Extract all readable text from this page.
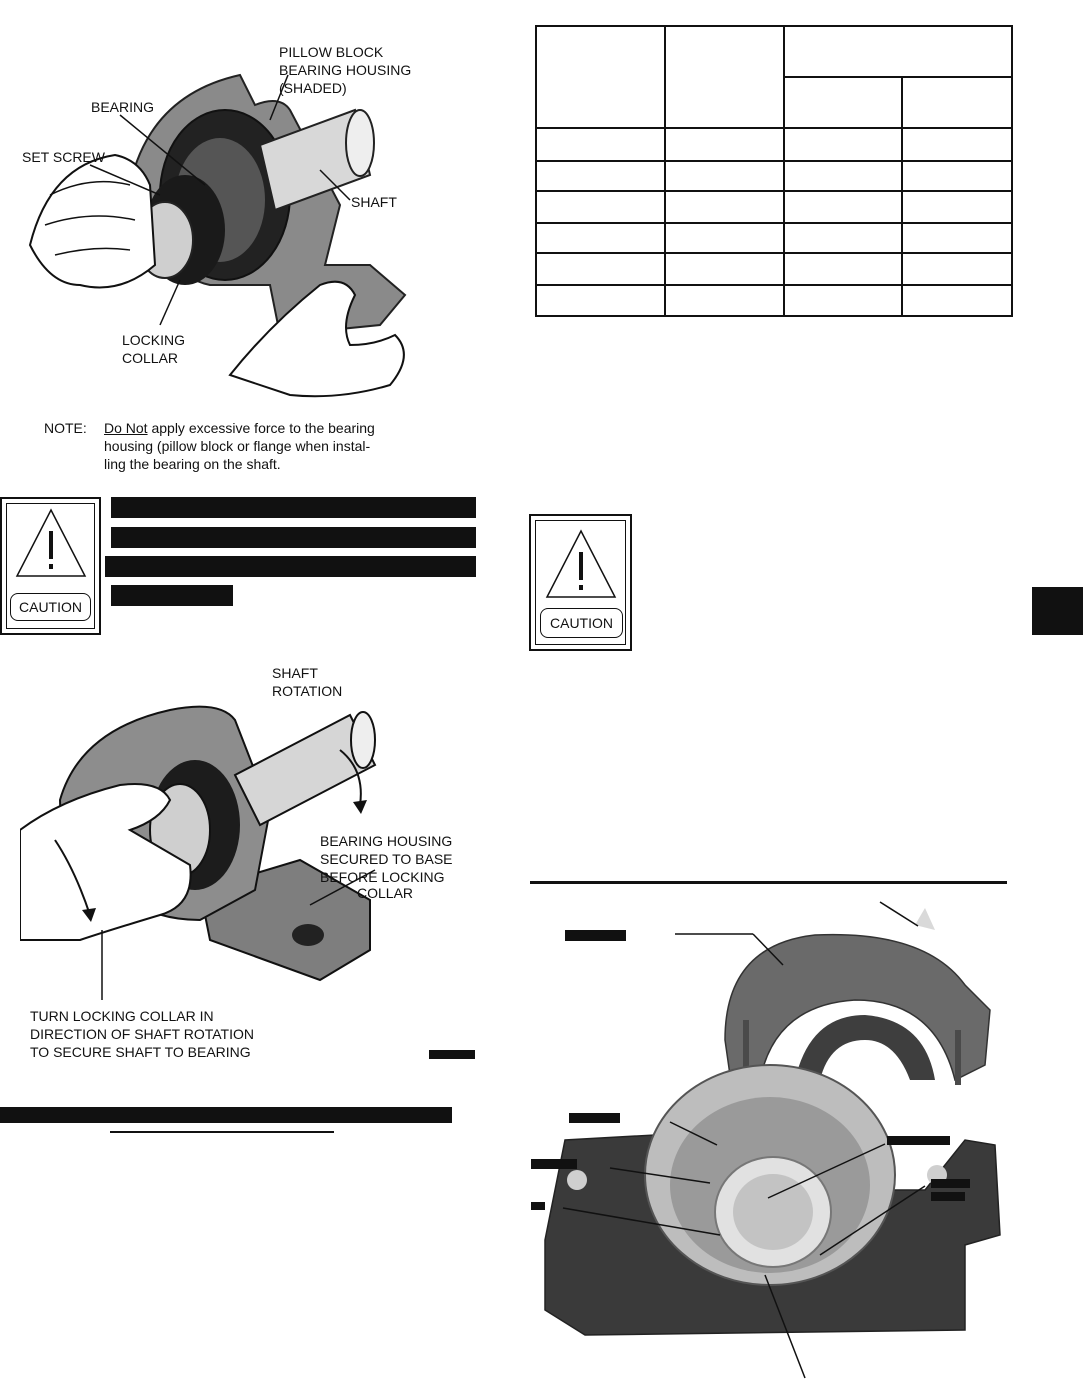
PILLOW BLOCK
BEARING HOUSING
(SHADED)
BEARING
SET SCREW
SHAFT
LOCKING
COLLAR
NOTE: Do Not apply excessive force to the bearing
housing (pillow block or flange when instal-
ling the bearing on the shaft.
CAUTION
SHAFT
ROTATION
BEARING HOUSING
SECURED TO BASE
BEFORE LOCKING
COLLAR
TURN LOCKING COLLAR IN
DIRECTION OF SHAFT ROTATION
TO SECURE SHAFT TO BEARING

CAUTION
